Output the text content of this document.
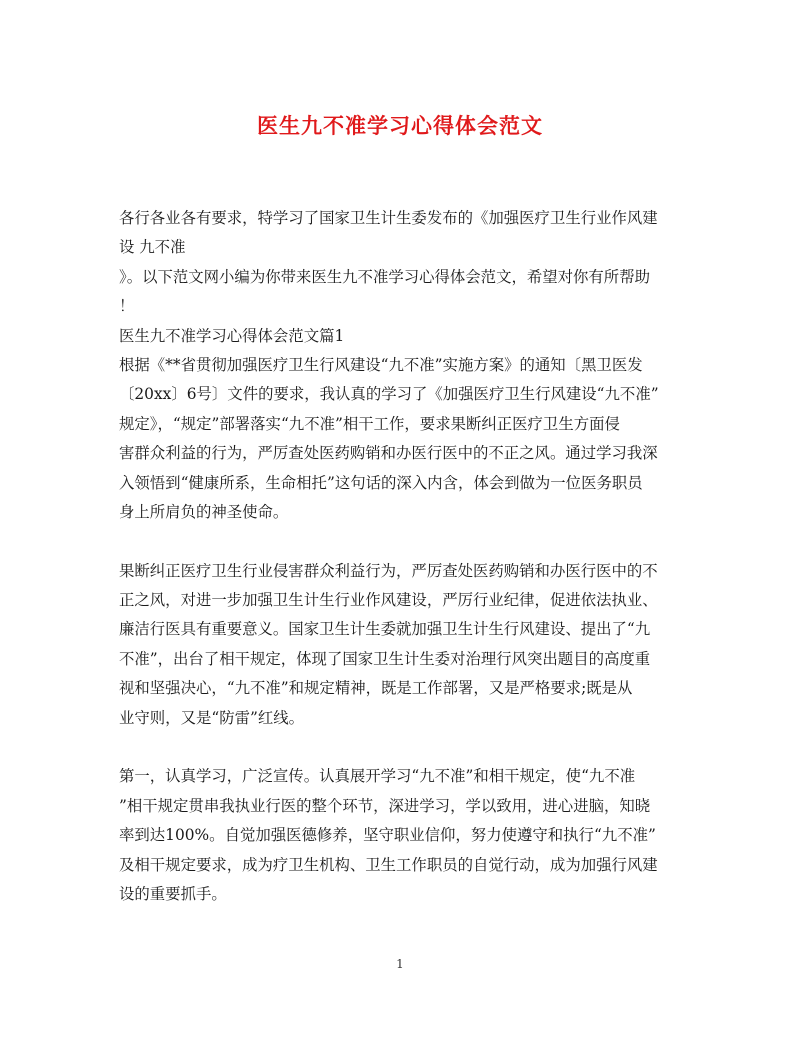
医生九不准学习心得体会范文
各行各业各有要求，特学习了国家卫生计生委发布的《加强医疗卫生行业作风建
设 九不准
》。以下范文网小编为你带来医生九不准学习心得体会范文，希望对你有所帮助
！
医生九不准学习心得体会范文篇1
根据《**省贯彻加强医疗卫生行风建设“九不准”实施方案》的通知〔黑卫医发
〔20xx〕6号〕文件的要求，我认真的学习了《加强医疗卫生行风建设“九不准”
规定》，“规定”部署落实“九不准”相干工作，要求果断纠正医疗卫生方面侵
害群众利益的行为，严厉查处医药购销和办医行医中的不正之风。通过学习我深
入领悟到“健康所系，生命相托”这句话的深入内含，体会到做为一位医务职员
身上所肩负的神圣使命。
果断纠正医疗卫生行业侵害群众利益行为，严厉查处医药购销和办医行医中的不
正之风，对进一步加强卫生计生行业作风建设，严厉行业纪律，促进依法执业、
廉洁行医具有重要意义。国家卫生计生委就加强卫生计生行风建设、提出了“九
不准”，出台了相干规定，体现了国家卫生计生委对治理行风突出题目的高度重
视和坚强决心，“九不准”和规定精神，既是工作部署，又是严格要求;既是从
业守则，又是“防雷”红线。
第一，认真学习，广泛宣传。认真展开学习“九不准”和相干规定，使“九不准
”相干规定贯串我执业行医的整个环节，深进学习，学以致用，进心进脑，知晓
率到达100%。自觉加强医德修养，坚守职业信仰，努力使遵守和执行“九不准”
及相干规定要求，成为疗卫生机构、卫生工作职员的自觉行动，成为加强行风建
设的重要抓手。
1
